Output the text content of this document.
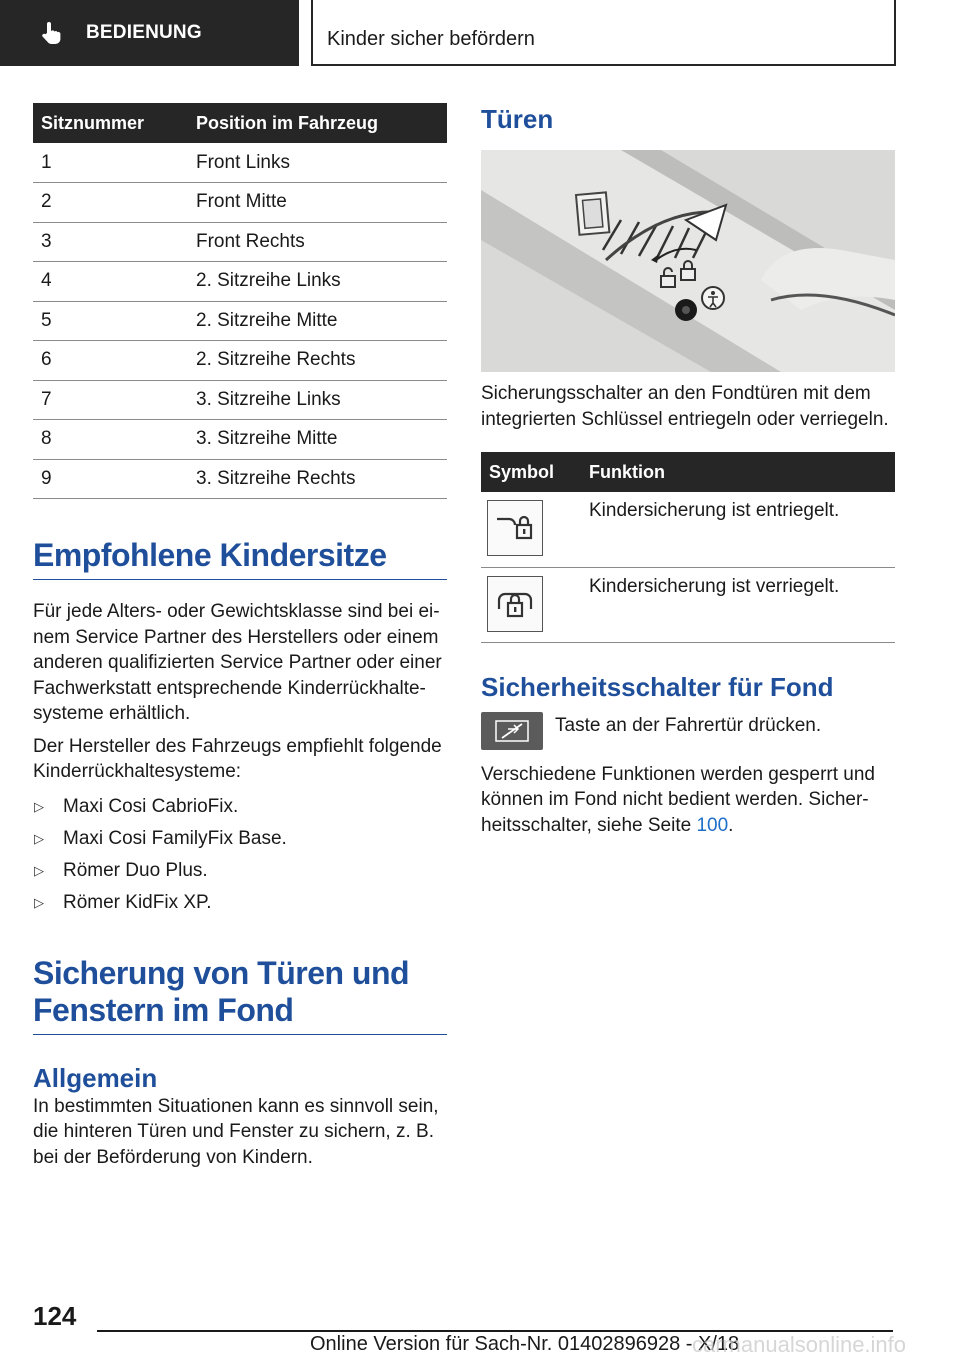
BEDIENUNG	Kinder sicher befördern
Sitznummer	Position im Fahrzeug
1	Front Links
2	Front Mitte
3	Front Rechts
4	2. Sitzreihe Links
5	2. Sitzreihe Mitte
6	2. Sitzreihe Rechts
7	3. Sitzreihe Links
8	3. Sitzreihe Mitte
9	3. Sitzreihe Rechts
Empfohlene Kindersitze

Für jede Alters- oder Gewichtsklasse sind bei einem Service Partner des Herstellers oder einem anderen qualifizierten Service Partner oder einer Fachwerkstatt entsprechende Kinderrückhaltesysteme erhältlich.

Der Hersteller des Fahrzeugs empfiehlt folgende Kinderrückhaltesysteme:

▷ Maxi Cosi CabrioFix.
▷ Maxi Cosi FamilyFix Base.
▷ Römer Duo Plus.
▷ Römer KidFix XP.
Sicherung von Türen und Fenstern im Fond
Allgemein

In bestimmten Situationen kann es sinnvoll sein, die hinteren Türen und Fenster zu sichern, z. B. bei der Beförderung von Kindern.

Türen

Sicherungsschalter an den Fondtüren mit dem integrierten Schlüssel entriegeln oder verriegeln.

Symbol	Funktion

	Kindersicherung ist entriegelt.

	Kindersicherung ist verriegelt.
Sicherheitsschalter für Fond

Taste an der Fahrertür drücken.

Verschiedene Funktionen werden gesperrt und können im Fond nicht bedient werden. Sicherheitsschalter, siehe Seite 100.

124
Online Version für Sach-Nr. 01402896928 - X/18
carmanualsonline.info
